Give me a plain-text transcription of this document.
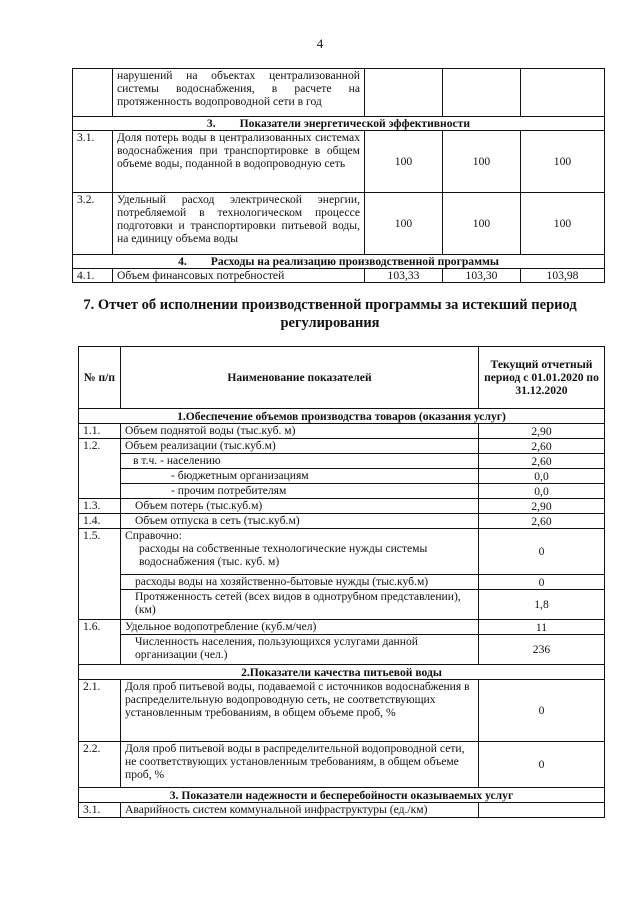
4
	нарушений на объектах централизованной системы водоснабжения, в расчете на протяженность водопроводной сети в год			
3. Показатели энергетической эффективности				
3.1.	Доля потерь воды в централизованных системах водоснабжения при транспортировке в общем объеме воды, поданной в водопроводную сеть	100	100	100
3.2.	Удельный расход электрической энергии, потребляемой в технологическом процессе подготовки и транспортировки питьевой воды, на единицу объема воды	100	100	100
4. Расходы на реализацию производственной программы				
4.1.	Объем финансовых потребностей	103,33	103,30	103,98
7. Отчет об исполнении производственной программы за истекший период регулирования
№ п/п	Наименование показателей	Текущий отчетный период с 01.01.2020 по 31.12.2020
1.Обеспечение объемов производства товаров (оказания услуг)		
1.1.	Объем поднятой воды (тыс.куб. м)	2,90
1.2.	Объем реализации (тыс.куб.м)	2,60
	в т.ч. - населению	2,60
	- бюджетным организациям	0,0
	- прочим потребителям	0,0
1.3.	Объем потерь (тыс.куб.м)	2,90
1.4.	Объем отпуска в сеть (тыс.куб.м)	2,60
1.5.	Справочно:
расходы на собственные технологические нужды системы водоснабжения (тыс. куб. м)	0
	расходы воды на хозяйственно-бытовые нужды (тыс.куб.м)	0
	Протяженность сетей (всех видов в однотрубном представлении), (км)	1,8
1.6.	Удельное водопотребление (куб.м/чел)	11
	Численность населения, пользующихся услугами данной организации (чел.)	236
2.Показатели качества питьевой воды		
2.1.	Доля проб питьевой воды, подаваемой с источников водоснабжения в распределительную водопроводную сеть, не соответствующих установленным требованиям, в общем объеме проб, %	0
2.2.	Доля проб питьевой воды в распределительной водопроводной сети, не соответствующих установленным требованиям, в общем объеме проб, %	0
3. Показатели надежности и бесперебойности оказываемых услуг		
3.1.	Аварийность систем коммунальной инфраструктуры (ед./км)	
